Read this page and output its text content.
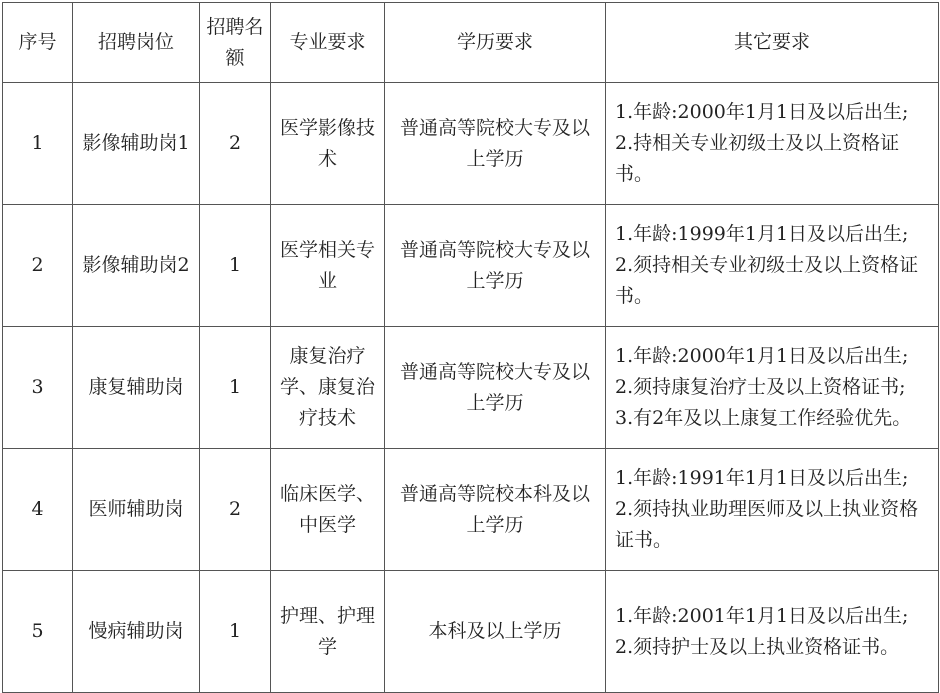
序号	招聘岗位	招聘名额	专业要求	学历要求	其它要求
1	影像辅助岗1	2	医学影像技术	普通高等院校大专及以上学历	1.年龄:2000年1月1日及以后出生;
2.持相关专业初级士及以上资格证书。

2	影像辅助岗2	1	医学相关专业	普通高等院校大专及以上学历	1.年龄:1999年1月1日及以后出生;
2.须持相关专业初级士及以上资格证书。

3	康复辅助岗	1	康复治疗学、康复治疗技术	普通高等院校大专及以上学历	1.年龄:2000年1月1日及以后出生;
2.须持康复治疗士及以上资格证书;
3.有2年及以上康复工作经验优先。

4	医师辅助岗	2	临床医学、中医学	普通高等院校本科及以上学历	1.年龄:1991年1月1日及以后出生;
2.须持执业助理医师及以上执业资格证书。

5	慢病辅助岗	1	护理、护理学	本科及以上学历	1.年龄:2001年1月1日及以后出生;
2.须持护士及以上执业资格证书。
